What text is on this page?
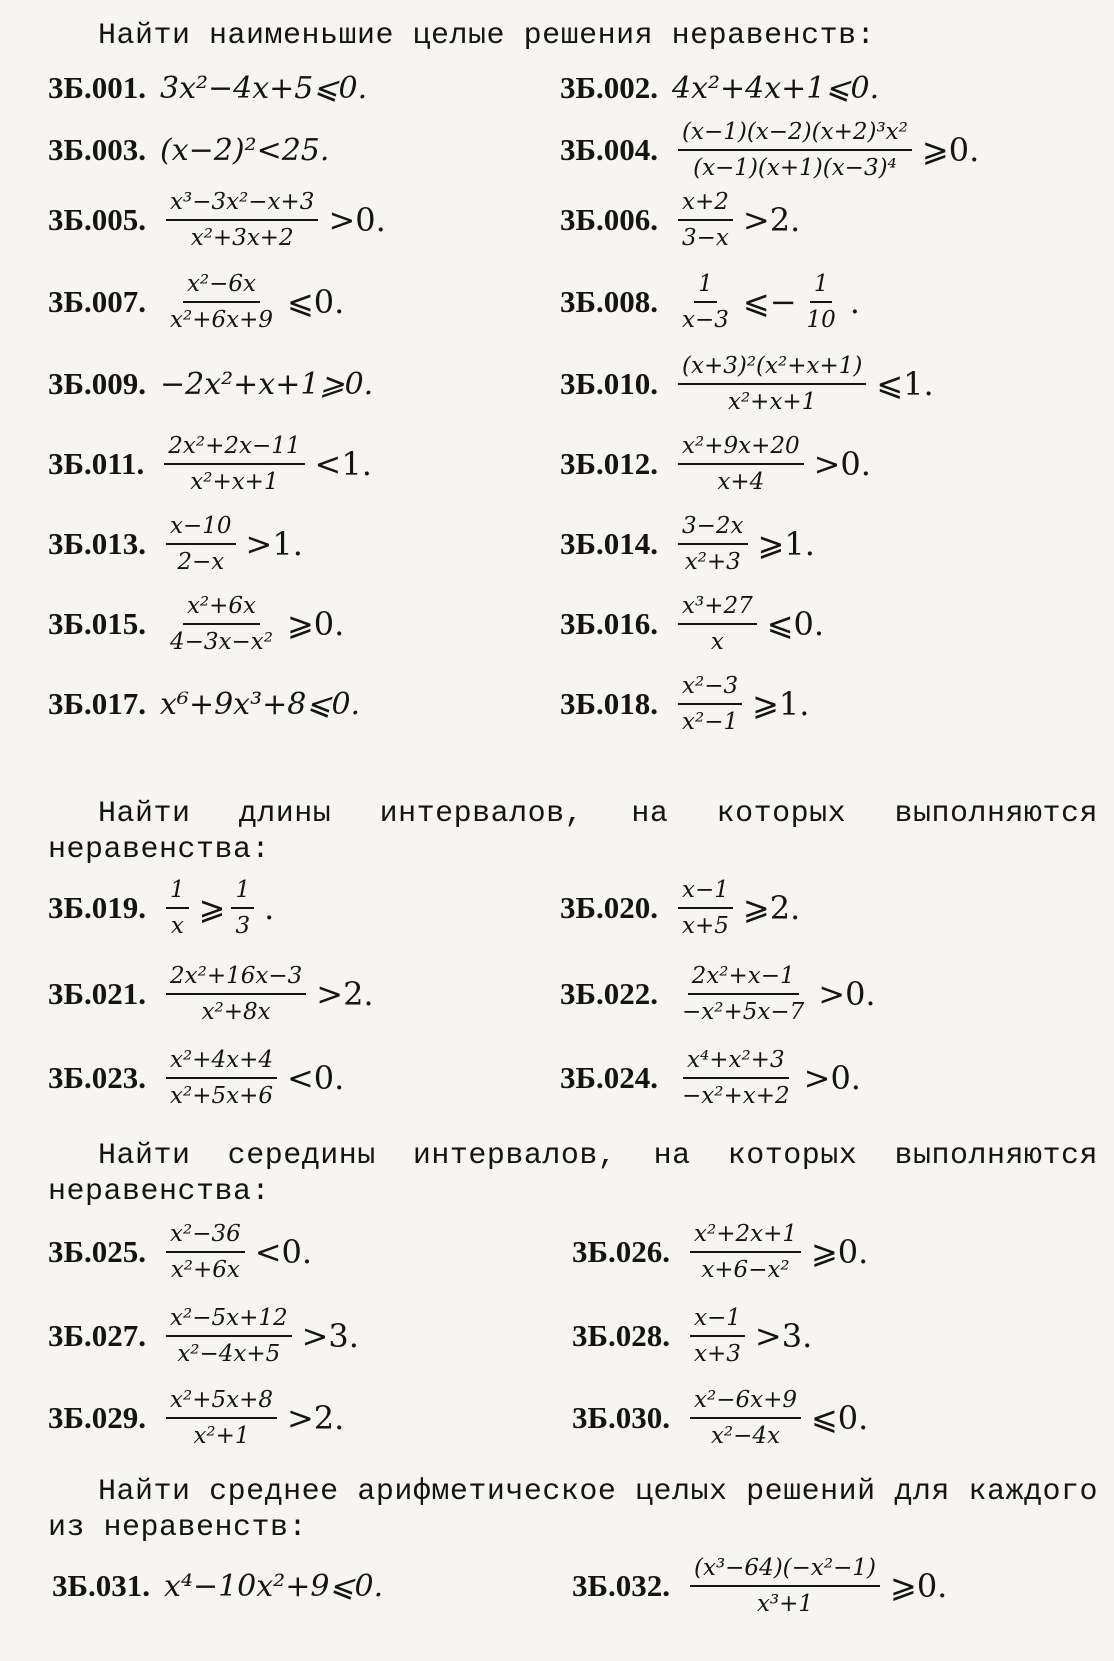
Найти наименьшие целые решения неравенств:
3Б.001. 3x²−4x+5⩽0.	3Б.002. 4x²+4x+1⩽0.
3Б.003. (x−2)²<25.	3Б.004. $\frac{\text{(x−1)(x−2)(x+2)³x²}}{\text{(x−1)(x+1)(x−3)⁴}}$ ⩾0.
3Б.005. $\frac{\text{x³−3x²−x+3}}{\text{x²+3x+2}} >0$.	3Б.006. $\frac{x+2}{3-x} >2$.
3Б.007. $\frac{\text{x²−6x}}{\text{x²+6x+9}}$ ⩽0.	3Б.008. $\frac{1}{x-3}$ ⩽− $\frac{1}{10}$ .
3Б.009. −2x²+x+1⩾0.	3Б.010. $\frac{\text{(x+3)²(x²+x+1)}}{\text{x²+x+1}}$ ⩽1.
3Б.011. $\frac{\text{2x²+2x−11}}{\text{x²+x+1}} <1$.	3Б.012. $\frac{\text{x²+9x+20}}{x+4} >0$.
3Б.013. $\frac{x-10}{2-x} >1$.	3Б.014. $\frac{3-2x}{\text{x²+3}}$ ⩾1.
3Б.015. $\frac{\text{x²+6x}}{\text{4−3x−x²}}$ ⩾0.	3Б.016. $\frac{\text{x³+27}}{x}$ ⩽0.
3Б.017. x⁶+9x³+8⩽0.	3Б.018. $\frac{\text{x²−3}}{\text{x²−1}}$ ⩾1.
Найти длины интервалов, на которых выполняются неравенства:
3Б.019. $\frac{1}{x}$ ⩾ $\frac{1}{3}$ .	3Б.020. $\frac{x-1}{x+5}$ ⩾2.
3Б.021. $\frac{\text{2x²+16x−3}}{\text{x²+8x}} >2$.	3Б.022. $\frac{\text{2x²+x−1}}{\text{−x²+5x−7}} >0$.
3Б.023. $\frac{\text{x²+4x+4}}{\text{x²+5x+6}} <0$.	3Б.024. $\frac{\text{x⁴+x²+3}}{\text{−x²+x+2}} >0$.
Найти середины интервалов, на которых выполняются неравенства:
3Б.025. $\frac{\text{x²−36}}{\text{x²+6x}} <0$.	3Б.026. $\frac{\text{x²+2x+1}}{\text{x+6−x²}}$ ⩾0.
3Б.027. $\frac{\text{x²−5x+12}}{\text{x²−4x+5}} >3$.	3Б.028. $\frac{x-1}{x+3} >3$.
3Б.029. $\frac{\text{x²+5x+8}}{\text{x²+1}} >2$.	3Б.030. $\frac{\text{x²−6x+9}}{\text{x²−4x}}$ ⩽0.
Найти среднее арифметическое целых решений для каждого из неравенств:
3Б.031. x⁴−10x²+9⩽0.	3Б.032. $\frac{\text{(x³−64)(−x²−1)}}{\text{x³+1}}$ ⩾0.
